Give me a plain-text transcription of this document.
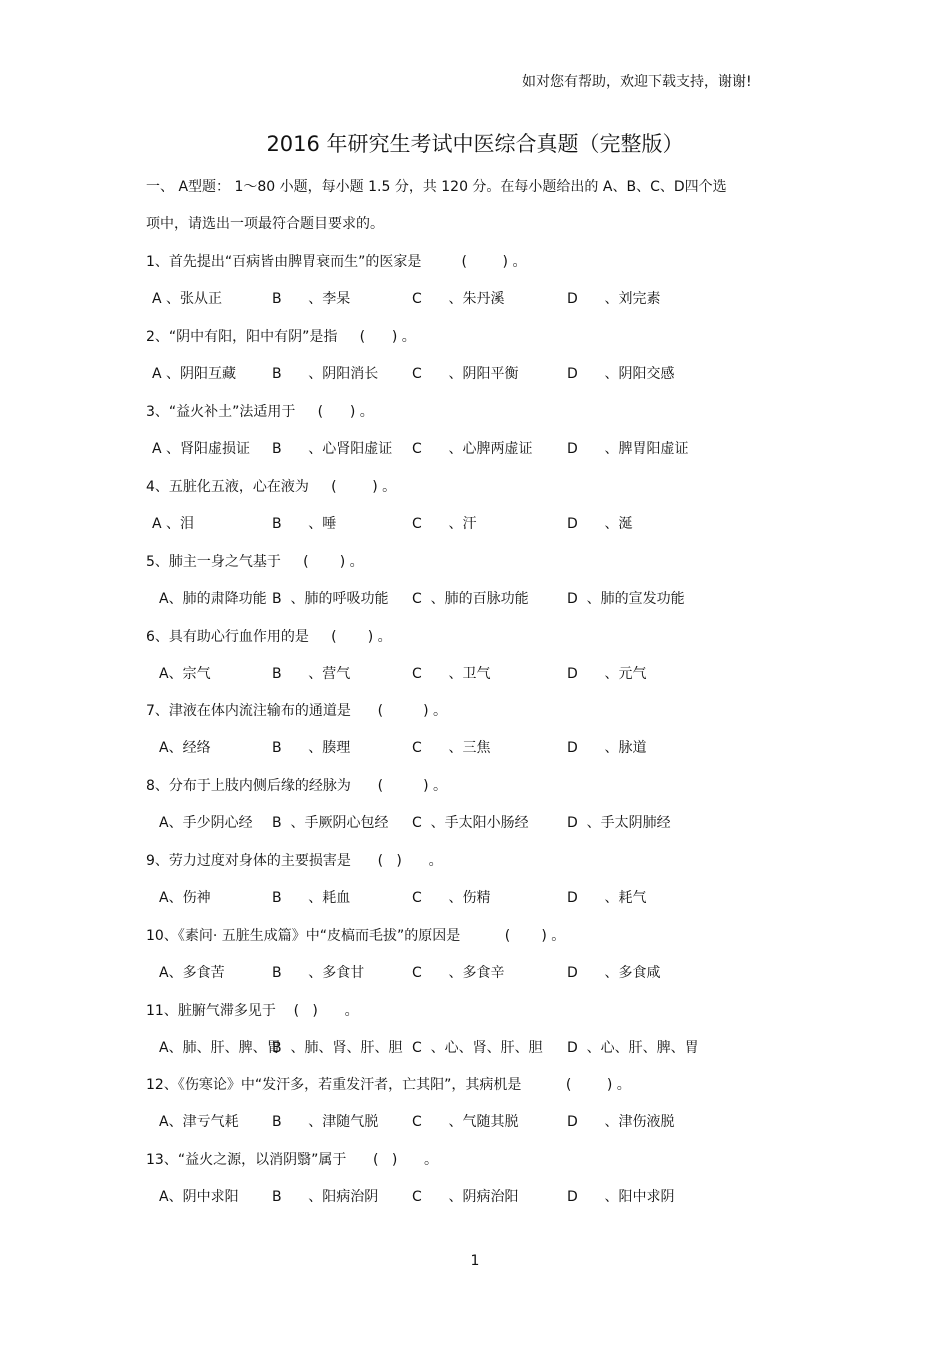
如对您有帮助，欢迎下载支持，谢谢!
2016 年研究生考试中医综合真题（完整版）
一、 A型题： 1～80 小题，每小题 1.5 分，共 120 分。在每小题给出的 A、B、C、D四个选
项中，请选出一项最符合题目要求的。
1、首先提出“百病皆由脾胃衰而生”的医家是         (        ) 。
A 、张从正	B      、李杲	C      、朱丹溪	D      、刘完素
2、“阴中有阳，阳中有阴”是指     (      ) 。
A 、阴阳互藏	B      、阴阳消长 C      、阴阳平衡	D      、阴阳交感
3、“益火补土”法适用于     (      ) 。
A 、肾阳虚损证 B      、心肾阳虚证 C      、心脾两虚证 D      、脾胃阳虚证
4、五脏化五液，心在液为     (        ) 。
A 、泪	B      、唾	C      、汗	D      、涎
5、肺主一身之气基于     (       ) 。
A、肺的肃降功能 B  、肺的呼吸功能 C  、肺的百脉功能	D  、肺的宣发功能
6、具有助心行血作用的是     (       ) 。
A、宗气	B      、营气	C      、卫气	D      、元气
7、津液在体内流注输布的通道是      (         ) 。
A、经络	B      、腠理	C      、三焦	D      、脉道
8、分布于上肢内侧后缘的经脉为      (         ) 。
A、手少阴心经 B  、手厥阴心包经 C  、手太阳小肠经	D  、手太阴肺经
9、劳力过度对身体的主要损害是      (   )      。
A、伤神	B      、耗血	C      、伤精	D      、耗气
10、《素问· 五脏生成篇》中“皮槁而毛拔”的原因是          (       ) 。
A、多食苦	B      、多食甘	C      、多食辛	D      、多食咸
11、脏腑气滞多见于    (   )      。
A、肺、肝、脾、胃
B  、肺、肾、肝、胆 C  、心、肾、肝、胆 D  、心、肝、脾、胃
12、《伤寒论》中“发汗多，若重发汗者，亡其阳”，其病机是          (        ) 。
A、津亏气耗 B      、津随气脱 C      、气随其脱	D      、津伤液脱
13、“益火之源，以消阴翳”属于      (   )      。
A、阴中求阳 B      、阳病治阴 C      、阴病治阳	D      、阳中求阴
1
